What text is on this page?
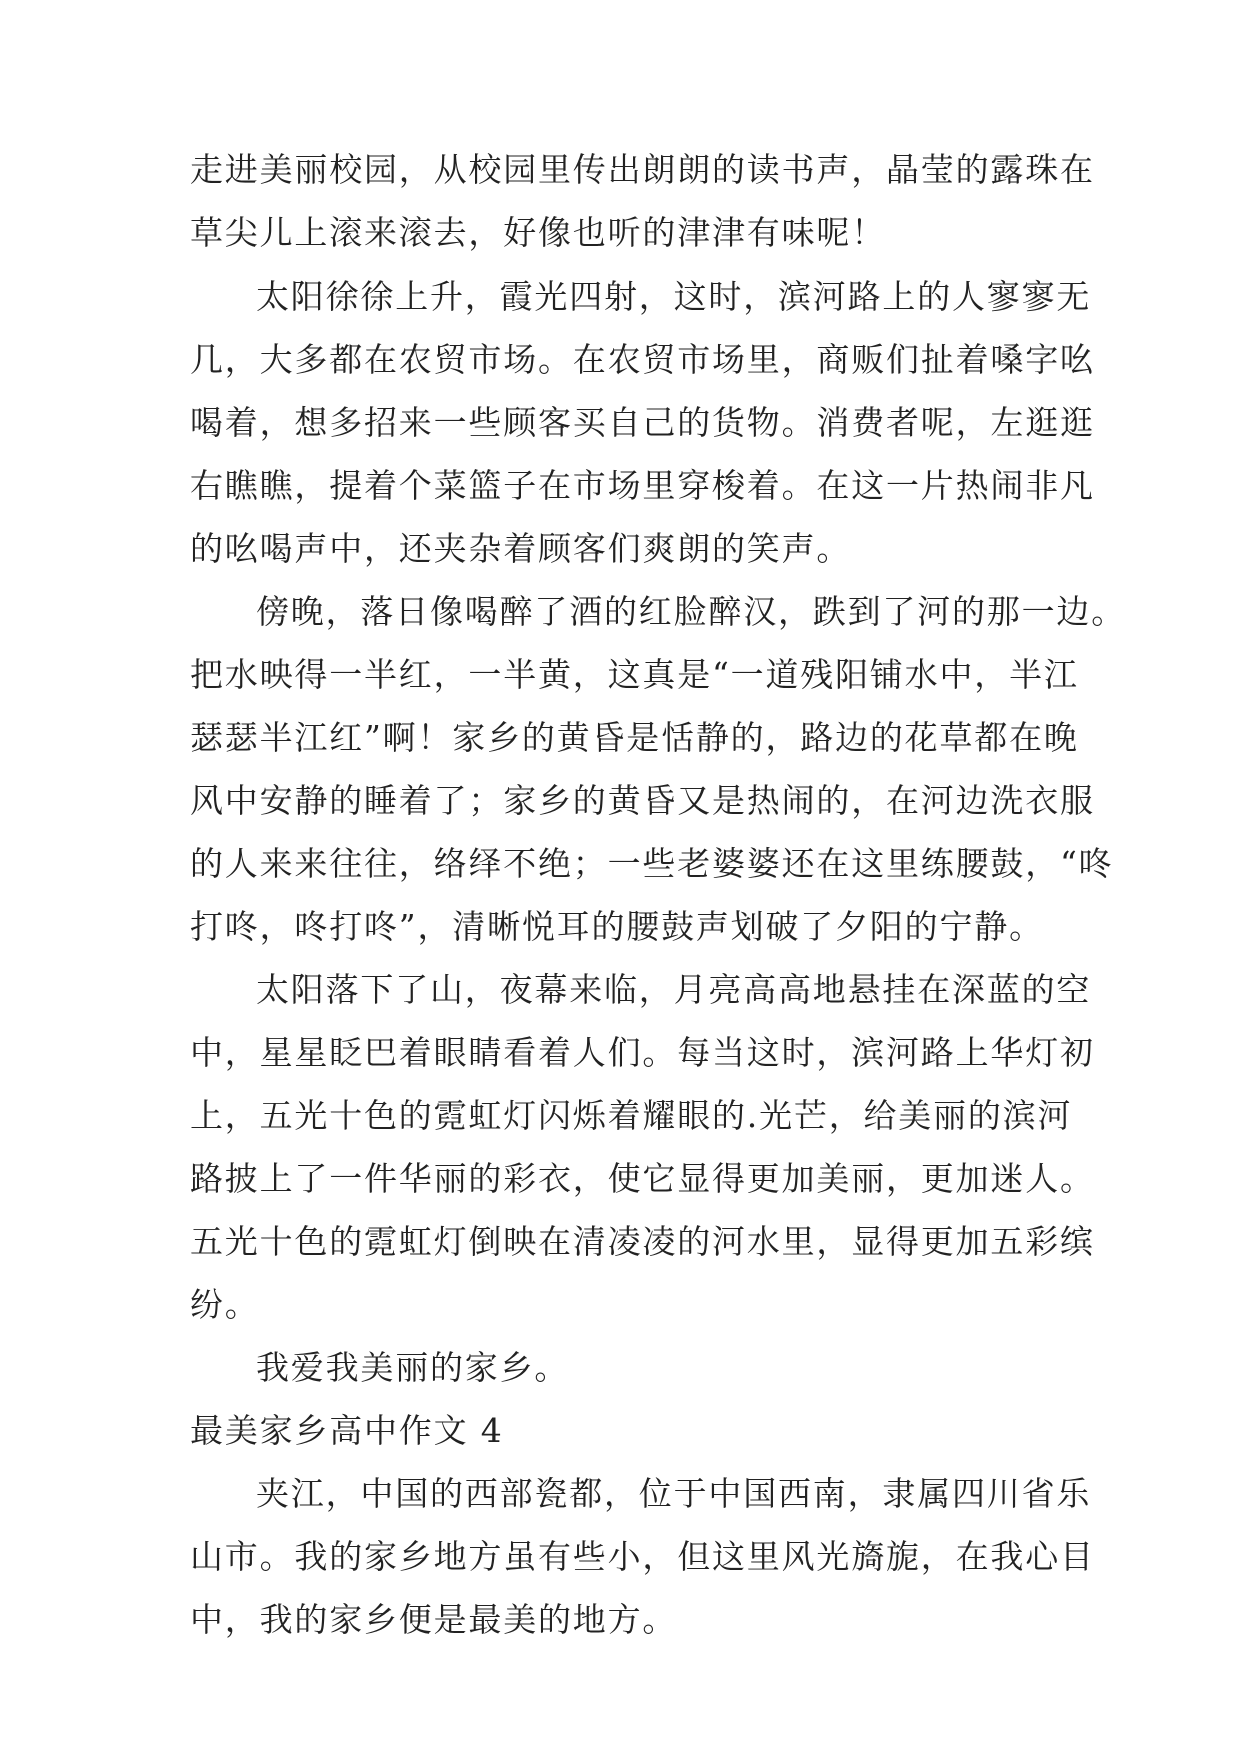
走进美丽校园，从校园里传出朗朗的读书声，晶莹的露珠在
草尖儿上滚来滚去，好像也听的津津有味呢！
太阳徐徐上升，霞光四射，这时，滨河路上的人寥寥无
几，大多都在农贸市场。在农贸市场里，商贩们扯着嗓字吆
喝着，想多招来一些顾客买自己的货物。消费者呢，左逛逛
右瞧瞧，提着个菜篮子在市场里穿梭着。在这一片热闹非凡
的吆喝声中，还夹杂着顾客们爽朗的笑声。
傍晚，落日像喝醉了酒的红脸醉汉，跌到了河的那一边。
把水映得一半红，一半黄，这真是“一道残阳铺水中，半江
瑟瑟半江红”啊！家乡的黄昏是恬静的，路边的花草都在晚
风中安静的睡着了；家乡的黄昏又是热闹的，在河边洗衣服
的人来来往往，络绎不绝；一些老婆婆还在这里练腰鼓，“咚
打咚，咚打咚”，清晰悦耳的腰鼓声划破了夕阳的宁静。
太阳落下了山，夜幕来临，月亮高高地悬挂在深蓝的空
中，星星眨巴着眼睛看着人们。每当这时，滨河路上华灯初
上，五光十色的霓虹灯闪烁着耀眼的.光芒，给美丽的滨河
路披上了一件华丽的彩衣，使它显得更加美丽，更加迷人。
五光十色的霓虹灯倒映在清凌凌的河水里，显得更加五彩缤
纷。
我爱我美丽的家乡。
最美家乡高中作文 4
夹江，中国的西部瓷都，位于中国西南，隶属四川省乐
山市。我的家乡地方虽有些小，但这里风光旖旎，在我心目
中，我的家乡便是最美的地方。
